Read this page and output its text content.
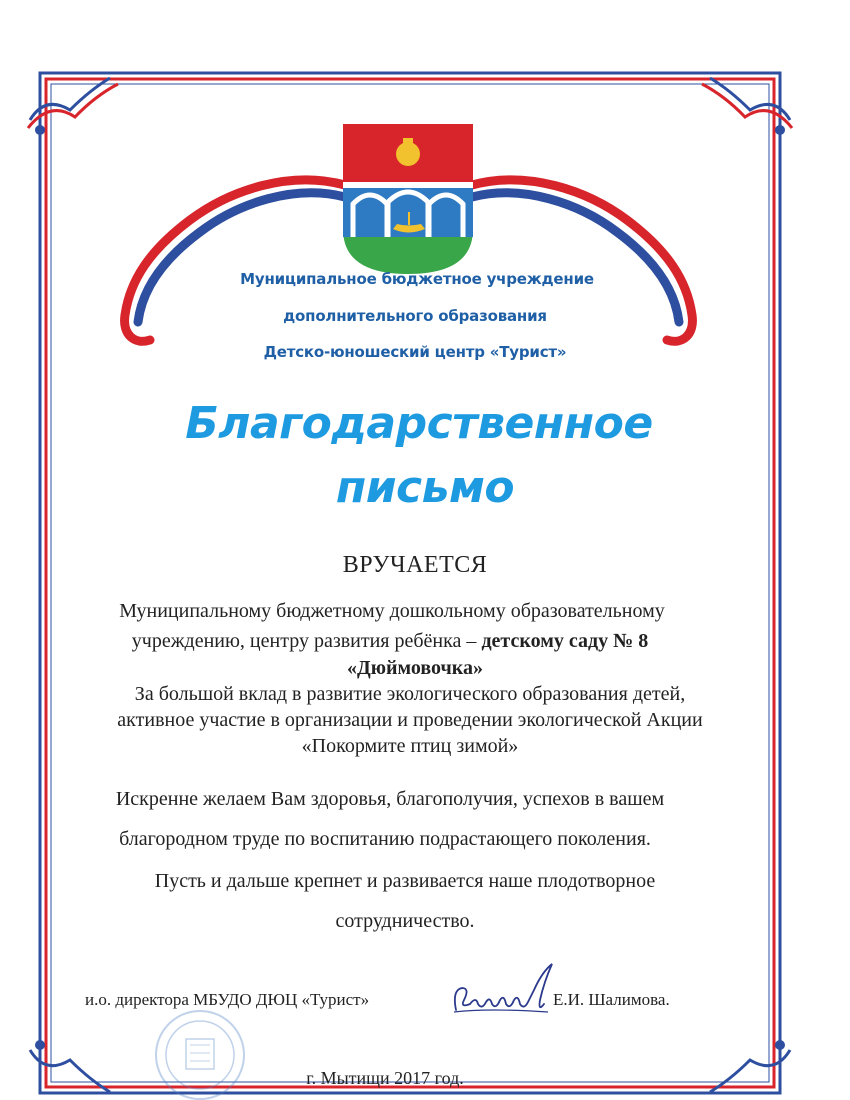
Муниципальное бюджетное учреждение
дополнительного образования
Детско-юношеский центр «Турист»
Благодарственное
письмо
ВРУЧАЕТСЯ
Муниципальному бюджетному дошкольному образовательному
учреждению, центру развития ребёнка – детскому саду № 8
«Дюймовочка»
За большой вклад в развитие экологического образования детей,
активное участие в организации и проведении экологической Акции
«Покормите птиц зимой»
Искренне желаем Вам здоровья, благополучия, успехов в вашем
благородном труде по воспитанию подрастающего поколения.
Пусть и дальше крепнет и развивается наше плодотворное
сотрудничество.
и.о. директора МБУДО ДЮЦ «Турист»	Е.И. Шалимова.
г. Мытищи 2017 год.
